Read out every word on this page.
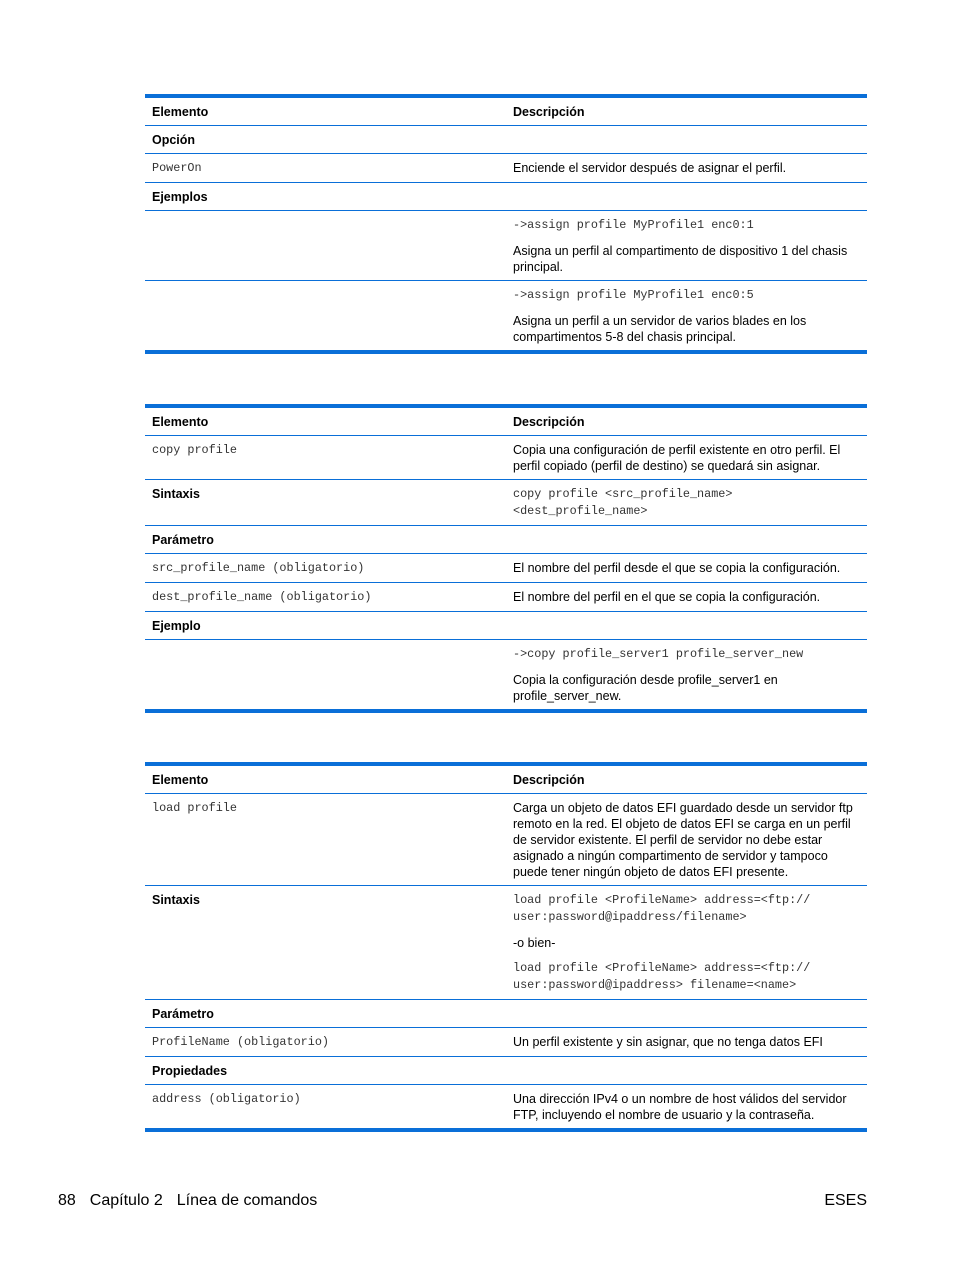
Elemento	Descripción
Opción
PowerOn	Enciende el servidor después de asignar el perfil.
Ejemplos
->assign profile MyProfile1 enc0:1
Asigna un perfil al compartimento de dispositivo 1 del chasis principal.
->assign profile MyProfile1 enc0:5
Asigna un perfil a un servidor de varios blades en los compartimentos 5-8 del chasis principal.
Elemento	Descripción
copy profile	Copia una configuración de perfil existente en otro perfil. El perfil copiado (perfil de destino) se quedará sin asignar.
Sintaxis	copy profile <src_profile_name> <dest_profile_name>
Parámetro
src_profile_name (obligatorio)	El nombre del perfil desde el que se copia la configuración.
dest_profile_name (obligatorio)	El nombre del perfil en el que se copia la configuración.
Ejemplo
->copy profile_server1 profile_server_new
Copia la configuración desde profile_server1 en profile_server_new.
Elemento	Descripción
load profile	Carga un objeto de datos EFI guardado desde un servidor ftp remoto en la red. El objeto de datos EFI se carga en un perfil de servidor existente. El perfil de servidor no debe estar asignado a ningún compartimento de servidor y tampoco puede tener ningún objeto de datos EFI presente.
Sintaxis	load profile <ProfileName> address=<ftp:// user:password@ipaddress/filename>
-o bien-
load profile <ProfileName> address=<ftp:// user:password@ipaddress> filename=<name>
Parámetro
ProfileName (obligatorio)	Un perfil existente y sin asignar, que no tenga datos EFI
Propiedades
address (obligatorio)	Una dirección IPv4 o un nombre de host válidos del servidor FTP, incluyendo el nombre de usuario y la contraseña.
88 Capítulo 2 Línea de comandos	ESES
